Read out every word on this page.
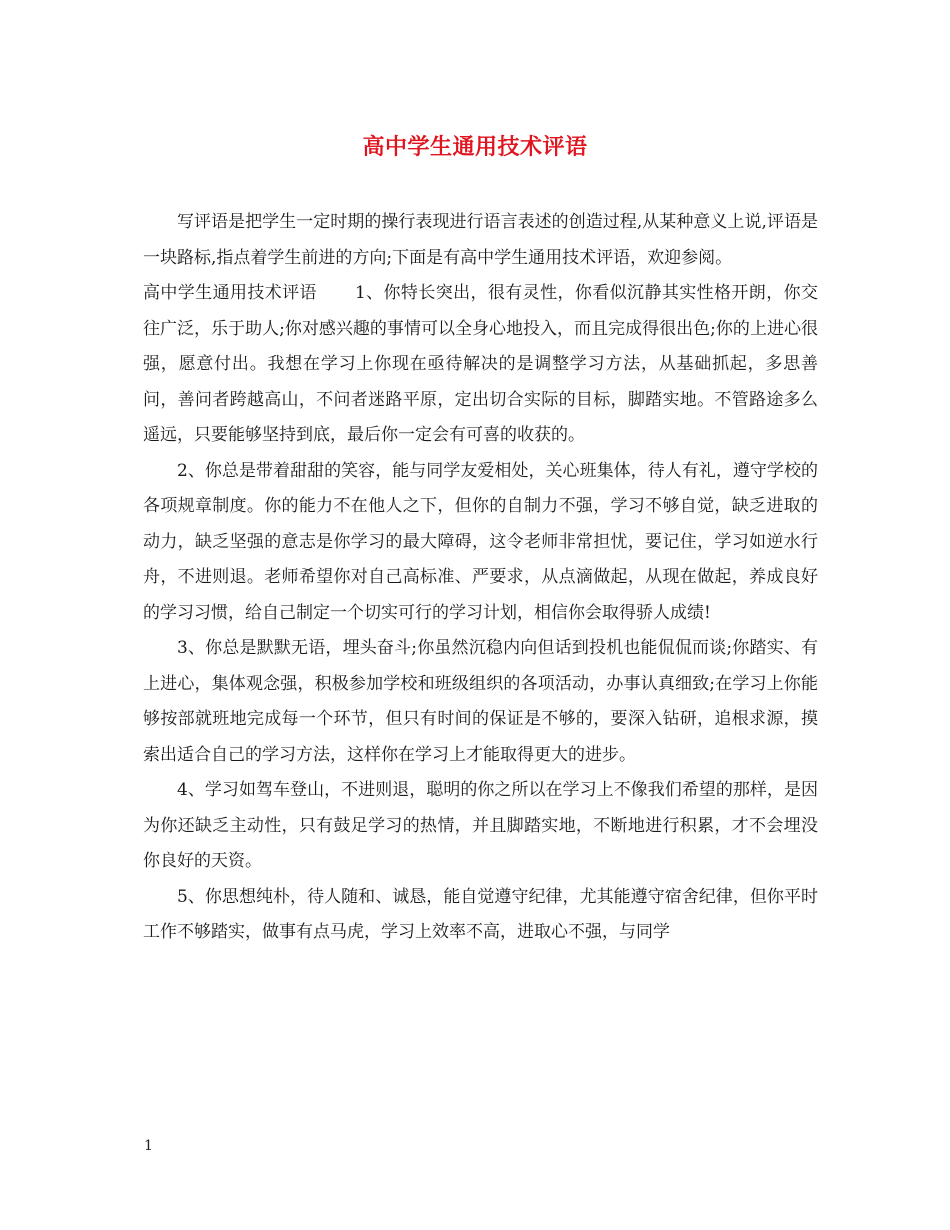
高中学生通用技术评语

写评语是把学生一定时期的操行表现进行语言表述的创造过程,从某种意义上说,评语是一块路标,指点着学生前进的方向;下面是有高中学生通用技术评语，欢迎参阅。

高中学生通用技术评语 1、你特长突出，很有灵性，你看似沉静其实性格开朗，你交往广泛，乐于助人;你对感兴趣的事情可以全身心地投入，而且完成得很出色;你的上进心很强，愿意付出。我想在学习上你现在亟待解决的是调整学习方法，从基础抓起，多思善问，善问者跨越高山，不问者迷路平原，定出切合实际的目标，脚踏实地。不管路途多么遥远，只要能够坚持到底，最后你一定会有可喜的收获的。

2、你总是带着甜甜的笑容，能与同学友爱相处，关心班集体，待人有礼，遵守学校的各项规章制度。你的能力不在他人之下，但你的自制力不强，学习不够自觉，缺乏进取的动力，缺乏坚强的意志是你学习的最大障碍，这令老师非常担忧，要记住，学习如逆水行舟，不进则退。老师希望你对自己高标准、严要求，从点滴做起，从现在做起，养成良好的学习习惯，给自己制定一个切实可行的学习计划，相信你会取得骄人成绩!

3、你总是默默无语，埋头奋斗;你虽然沉稳内向但话到投机也能侃侃而谈;你踏实、有上进心，集体观念强，积极参加学校和班级组织的各项活动，办事认真细致;在学习上你能够按部就班地完成每一个环节，但只有时间的保证是不够的，要深入钻研，追根求源，摸索出适合自己的学习方法，这样你在学习上才能取得更大的进步。

4、学习如驾车登山，不进则退，聪明的你之所以在学习上不像我们希望的那样，是因为你还缺乏主动性，只有鼓足学习的热情，并且脚踏实地，不断地进行积累，才不会埋没你良好的天资。

5、你思想纯朴，待人随和、诚恳，能自觉遵守纪律，尤其能遵守宿舍纪律，但你平时工作不够踏实，做事有点马虎，学习上效率不高，进取心不强，与同学

1
